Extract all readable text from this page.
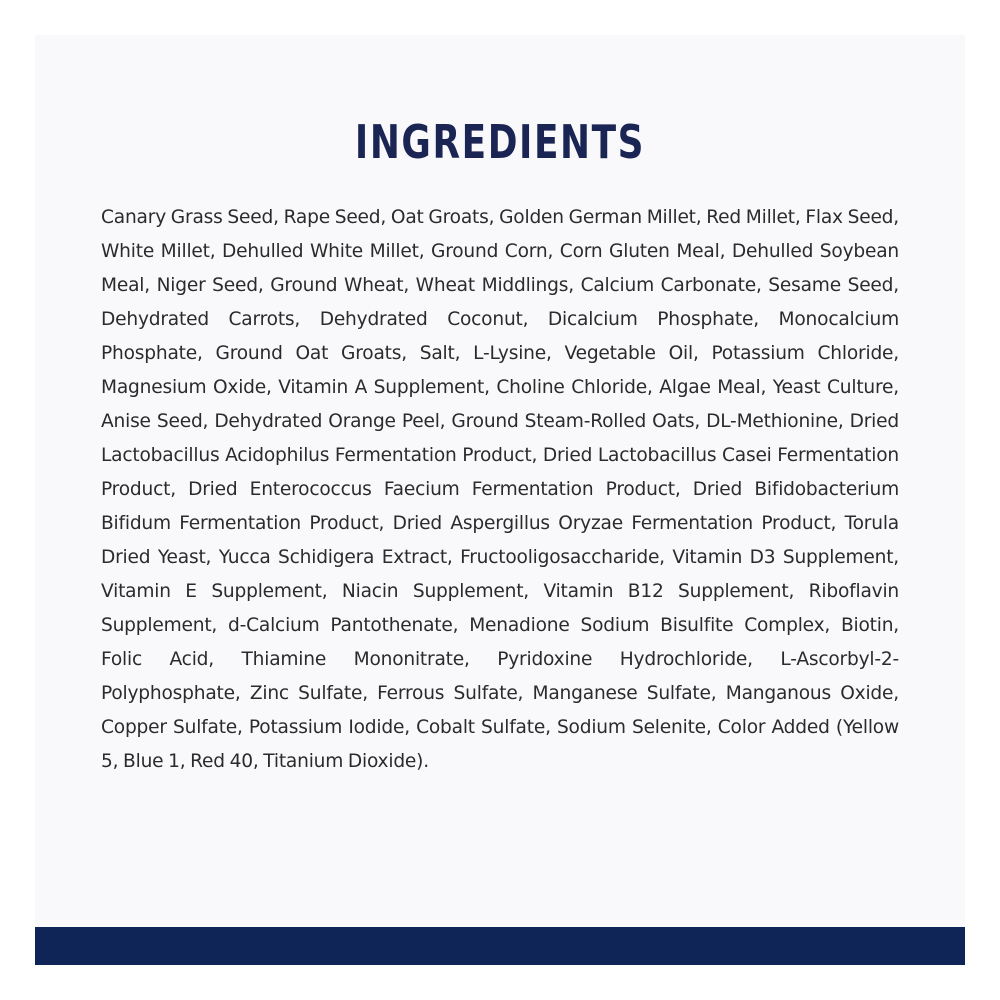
INGREDIENTS

Canary Grass Seed, Rape Seed, Oat Groats, Golden German Millet, Red Millet, Flax Seed, White Millet, Dehulled White Millet, Ground Corn, Corn Gluten Meal, Dehulled Soybean Meal, Niger Seed, Ground Wheat, Wheat Middlings, Calcium Carbonate, Sesame Seed, Dehydrated Carrots, Dehydrated Coconut, Dicalcium Phosphate, Monocalcium Phosphate, Ground Oat Groats, Salt, L-Lysine, Vegetable Oil, Potassium Chloride, Magnesium Oxide, Vitamin A Supplement, Choline Chloride, Algae Meal, Yeast Culture, Anise Seed, Dehydrated Orange Peel, Ground Steam-Rolled Oats, DL-Methionine, Dried Lactobacillus Acidophilus Fermentation Product, Dried Lactobacillus Casei Fermentation Product, Dried Enterococcus Faecium Fermentation Product, Dried Bifidobacterium Bifidum Fermentation Product, Dried Aspergillus Oryzae Fermentation Product, Torula Dried Yeast, Yucca Schidigera Extract, Fructooligosaccharide, Vitamin D3 Supplement, Vitamin E Supplement, Niacin Supplement, Vitamin B12 Supplement, Riboflavin Supplement, d-Calcium Pantothenate, Menadione Sodium Bisulfite Complex, Biotin, Folic Acid, Thiamine Mononitrate, Pyridoxine Hydrochloride, L-Ascorbyl-2-Polyphosphate, Zinc Sulfate, Ferrous Sulfate, Manganese Sulfate, Manganous Oxide, Copper Sulfate, Potassium Iodide, Cobalt Sulfate, Sodium Selenite, Color Added (Yellow 5, Blue 1, Red 40, Titanium Dioxide).
